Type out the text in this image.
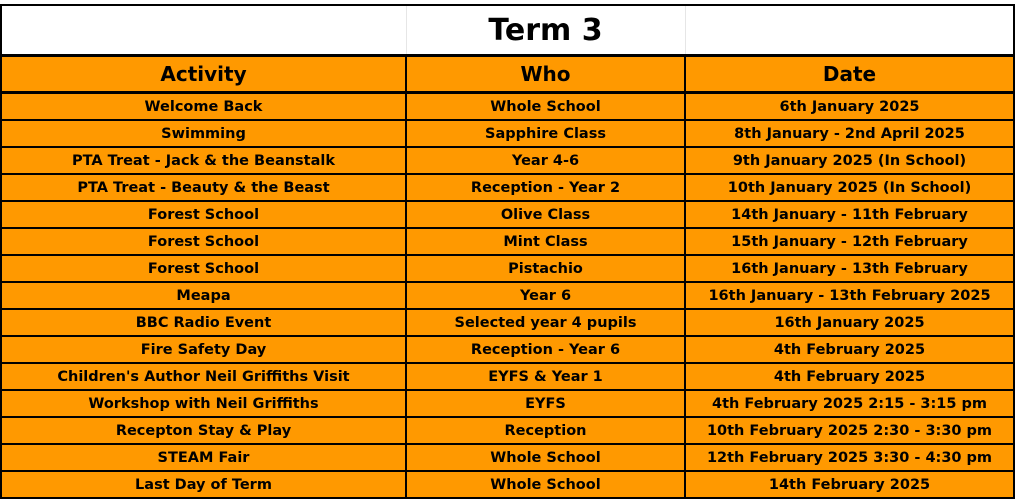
	Term 3	
Activity	Who	Date
Welcome Back	Whole School	6th January 2025
Swimming	Sapphire Class	8th January - 2nd April 2025
PTA Treat - Jack & the Beanstalk	Year 4-6	9th January 2025 (In School)
PTA Treat - Beauty & the Beast	Reception - Year 2	10th January 2025 (In School)
Forest School	Olive Class	14th January - 11th February
Forest School	Mint Class	15th January - 12th February
Forest School	Pistachio	16th January - 13th February
Meapa	Year 6	16th January - 13th February 2025
BBC Radio Event	Selected year 4 pupils	16th January 2025
Fire Safety Day	Reception - Year 6	4th February 2025
Children's Author Neil Griffiths Visit	EYFS & Year 1	4th February 2025
Workshop with Neil Griffiths	EYFS	4th February 2025 2:15 - 3:15 pm
Recepton Stay & Play	Reception	10th February 2025 2:30 - 3:30 pm
STEAM Fair	Whole School	12th February 2025 3:30 - 4:30 pm
Last Day of Term	Whole School	14th February 2025
